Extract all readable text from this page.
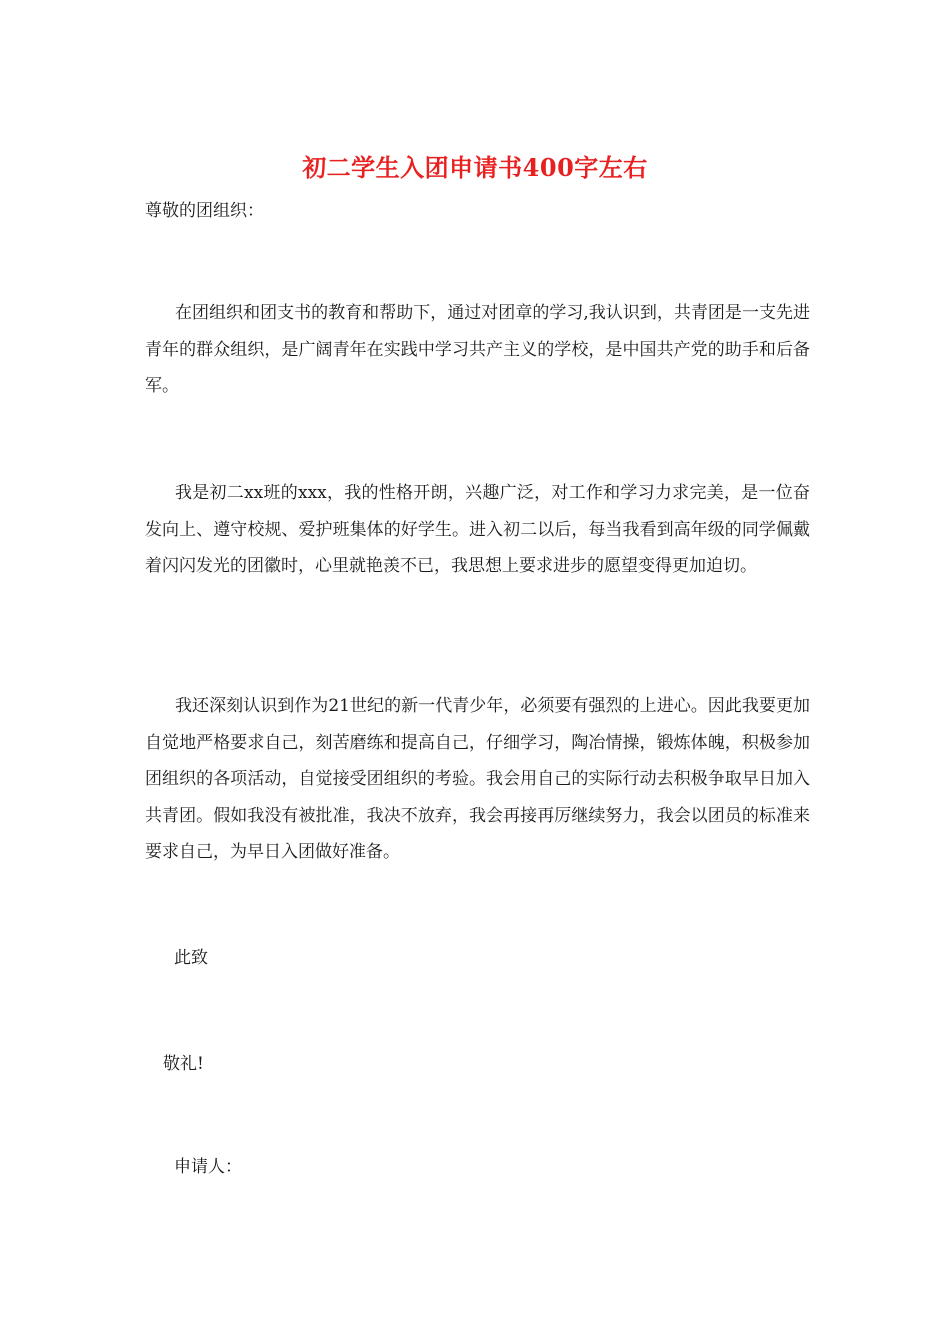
初二学生入团申请书400字左右
尊敬的团组织：

在团组织和团支书的教育和帮助下，通过对团章的学习,我认识到，共青团是一支先进青年的群众组织，是广阔青年在实践中学习共产主义的学校，是中国共产党的助手和后备军。

我是初二xx班的xxx，我的性格开朗，兴趣广泛，对工作和学习力求完美，是一位奋发向上、遵守校规、爱护班集体的好学生。进入初二以后，每当我看到高年级的同学佩戴着闪闪发光的团徽时，心里就艳羡不已，我思想上要求进步的愿望变得更加迫切。

我还深刻认识到作为21世纪的新一代青少年，必须要有强烈的上进心。因此我要更加自觉地严格要求自己，刻苦磨练和提高自己，仔细学习，陶冶情操，锻炼体魄，积极参加团组织的各项活动，自觉接受团组织的考验。我会用自己的实际行动去积极争取早日加入共青团。假如我没有被批准，我决不放弃，我会再接再厉继续努力，我会以团员的标准来要求自己，为早日入团做好准备。

此致
敬礼!
申请人：
